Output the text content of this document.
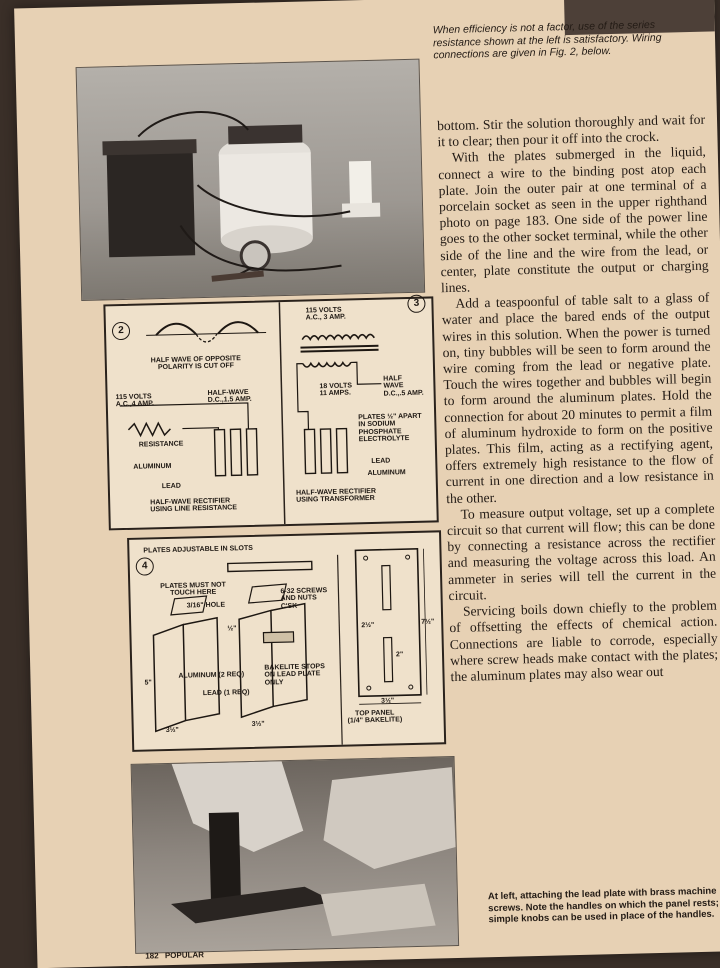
When efficiency is not a factor, use of the series resistance shown at the left is satisfactory. Wiring connections are given in Fig. 2, below.
2
3
HALF WAVE OF OPPOSITE
POLARITY IS CUT OFF
115 VOLTS
A.C.,4 AMP.
HALF-WAVE
D.C.,1.5 AMP.
RESISTANCE
ALUMINUM
LEAD
HALF-WAVE RECTIFIER
USING LINE RESISTANCE
115 VOLTS
A.C., 3 AMP.
18 VOLTS
11 AMPS.
HALF
WAVE
D.C.,.5 AMP.
PLATES ½" APART
IN SODIUM
PHOSPHATE
ELECTROLYTE
LEAD
ALUMINUM
HALF-WAVE RECTIFIER
USING TRANSFORMER
4
PLATES ADJUSTABLE IN SLOTS
PLATES MUST NOT
TOUCH HERE
3/16" HOLE
6-32 SCREWS
AND NUTS
C'SK
ALUMINUM (2 REQ)
LEAD (1 REQ)
BAKELITE STOPS
ON LEAD PLATE
ONLY
TOP PANEL
(1/4" BAKELITE)
5"
3½"
3½"
3½"
2½"	7½"
2"
½"

bottom. Stir the solution thoroughly and wait for it to clear; then pour it off into the crock.

With the plates submerged in the liquid, connect a wire to the binding post atop each plate. Join the outer pair at one terminal of a porcelain socket as seen in the upper righthand photo on page 183. One side of the power line goes to the other socket terminal, while the other side of the line and the wire from the lead, or center, plate constitute the output or charging lines.

Add a teaspoonful of table salt to a glass of water and place the bared ends of the output wires in this solution. When the power is turned on, tiny bubbles will be seen to form around the wire coming from the lead or negative plate. Touch the wires together and bubbles will begin to form around the aluminum plates. Hold the connection for about 20 minutes to permit a film of aluminum hydroxide to form on the positive plates. This film, acting as a rectifying agent, offers extremely high resistance to the flow of current in one direction and a low resistance in the other.

To measure output voltage, set up a complete circuit so that current will flow; this can be done by connecting a resistance across the rectifier and measuring the voltage across this load. An ammeter in series will tell the current in the circuit.

Servicing boils down chiefly to the problem of offsetting the effects of chemical action. Connections are liable to corrode, especially where screw heads make contact with the plates; the aluminum plates may also wear out

At left, attaching the lead plate with brass machine screws. Note the handles on which the panel rests; simple knobs can be used in place of the handles.
182 POPULAR
